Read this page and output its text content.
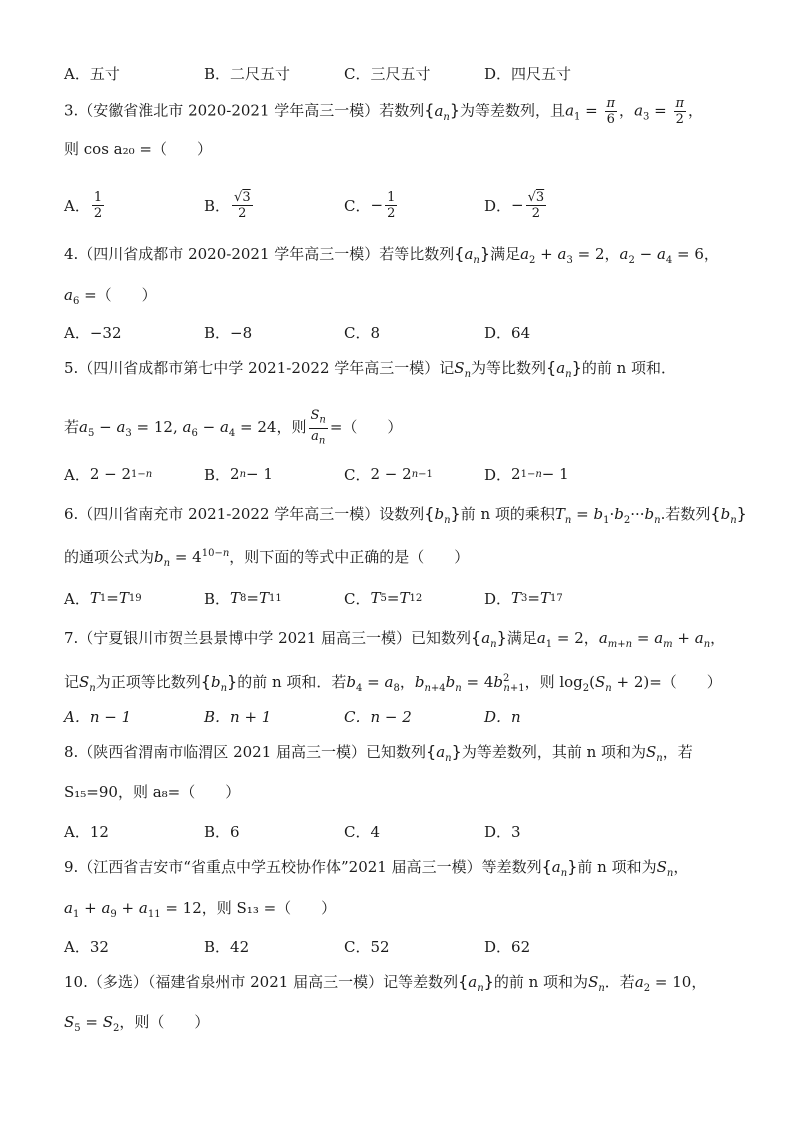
A．五寸	B．二尺五寸	C．三尺五寸	D．四尺五寸
3.（安徽省淮北市 2020-2021 学年高三一模）若数列$\{a_n\}$为等差数列，且$a_1 = \frac{\pi}{6}$ ，$a_3 = \frac{\pi}{2}$ ，
则 cos a₂₀ =（　　）
A． $\frac{1}{2}$	B． $\frac{√3}{2}$	C． − $\frac{1}{2}$	D． − $\frac{√3}{2}$
4.（四川省成都市 2020-2021 学年高三一模）若等比数列$\{a_n\}$满足$a_2 + a_3 = 2$，$a_2 - a_4 = 6$，
$a_6$ =（　　）
A．−32	B．−8	C．8	D．64
5.（四川省成都市第七中学 2021-2022 学年高三一模）记$S_n$为等比数列$\{a_n\}$的前 n 项和．
若$a_5 - a_3 = 12$, $a_6 - a_4 = 24$，则 $\frac{S_n}{a_n}$ =（　　）
A． 2 − 2 1−n	B． 2 n − 1	C． 2 − 2 n−1	D． 2 1−n − 1
6.（四川省南充市 2021-2022 学年高三一模）设数列$\{b_n\}$前 n 项的乘积$T_n = b_1\cdot b_2\cdot\cdot\cdot b_n$.若数列$\{b_n\}$
的通项公式为$b_n = 4^{10-n}$，则下面的等式中正确的是（　　）
A． T 1 = T 19	B． T 8 = T 11	C． T 5 = T 12	D． T 3 = T 17
7.（宁夏银川市贺兰县景博中学 2021 届高三一模）已知数列$\{a_n\}$满足$a_1 = 2$，$a_{m+n} = a_m + a_n$，
记$S_n$为正项等比数列$\{b_n\}$的前 n 项和．若$b_4 = a_8$，$b_{n+4}b_n = 4b^2_{n+1}$，则 $\log_2(S_n + 2)=$（　　）
A．n − 1	B．n + 1	C．n − 2	D．n
8.（陕西省渭南市临渭区 2021 届高三一模）已知数列$\{a_n\}$为等差数列，其前 n 项和为$S_n$，若
S₁₅=90，则 a₈=（　　）
A．12	B．6	C．4	D．3
9.（江西省吉安市“省重点中学五校协作体”2021 届高三一模）等差数列$\{a_n\}$前 n 项和为$S_n$，
$a_1 + a_9 + a_{11} = 12$，则 S₁₃ =（　　）
A．32	B．42	C．52	D．62
10.（多选）（福建省泉州市 2021 届高三一模）记等差数列$\{a_n\}$的前 n 项和为$S_n$．若$a_2 = 10$，
$S_5 = S_2$，则（　　）
